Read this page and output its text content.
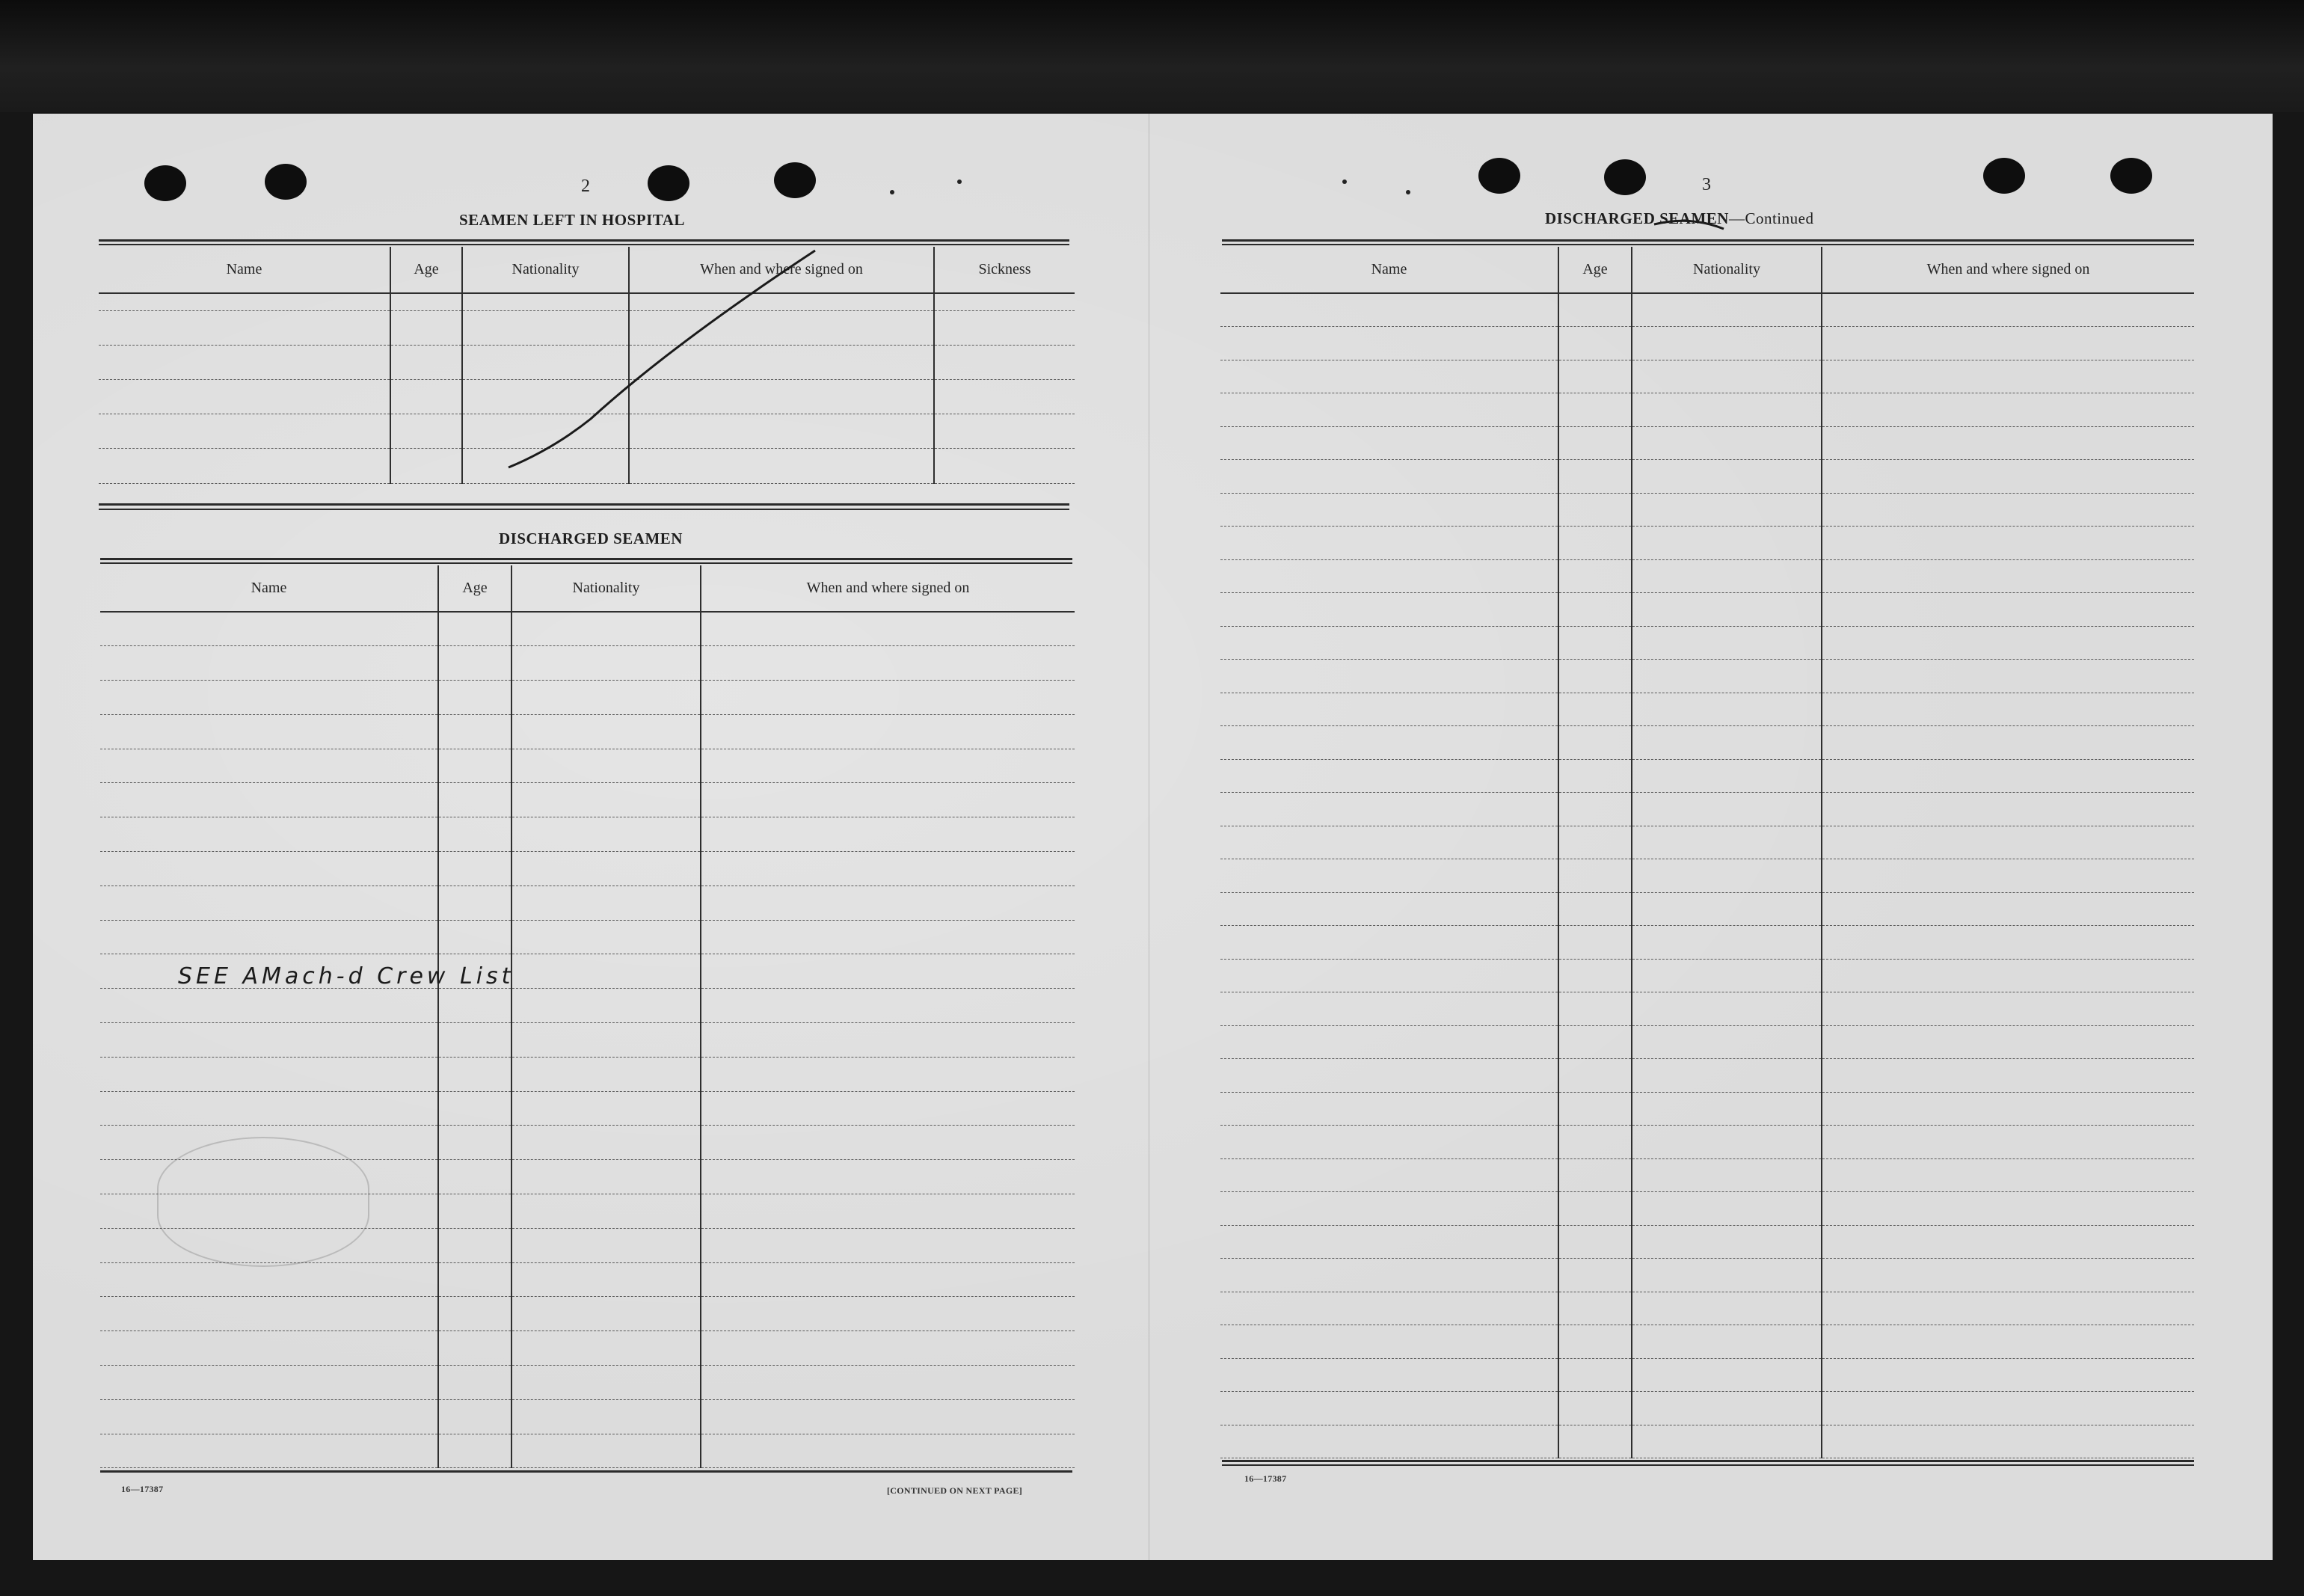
2
SEAMEN LEFT IN HOSPITAL
Name	Age	Nationality	When and where signed on	Sickness

DISCHARGED SEAMEN
Name	Age	Nationality	When and where signed on

SEE AMach-d Crew List
16—17387	[CONTINUED ON NEXT PAGE]
3
DISCHARGED SEAMEN—Continued
Name	Age	Nationality	When and where signed on

16—17387
